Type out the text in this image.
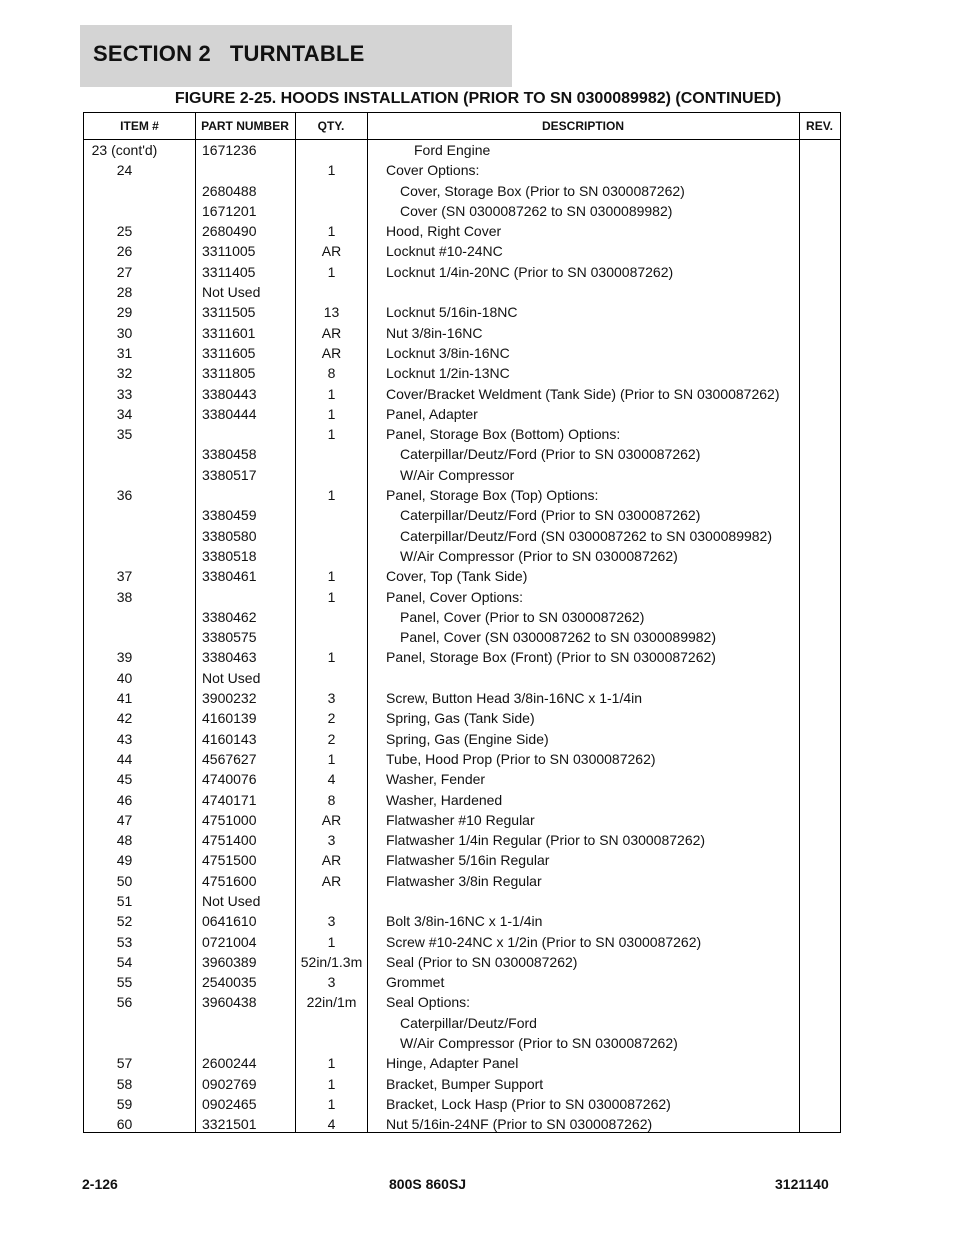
SECTION 2   TURNTABLE
FIGURE 2-25. HOODS INSTALLATION (PRIOR TO SN 0300089982) (CONTINUED)
ITEM #	PART NUMBER	QTY.	DESCRIPTION	REV.
23 (cont'd)	1671236	Ford Engine
24	1	Cover Options:
2680488	Cover, Storage Box (Prior to SN 0300087262)
1671201	Cover (SN 0300087262 to SN 0300089982)
25	2680490	1	Hood, Right Cover
26	3311005	AR	Locknut #10-24NC
27	3311405	1	Locknut 1/4in-20NC (Prior to SN 0300087262)
28	Not Used
29	3311505	13	Locknut 5/16in-18NC
30	3311601	AR	Nut 3/8in-16NC
31	3311605	AR	Locknut 3/8in-16NC
32	3311805	8	Locknut 1/2in-13NC
33	3380443	1	Cover/Bracket Weldment (Tank Side) (Prior to SN 0300087262)
34	3380444	1	Panel, Adapter
35	1	Panel, Storage Box (Bottom) Options:
3380458	Caterpillar/Deutz/Ford (Prior to SN 0300087262)
3380517	W/Air Compressor
36	1	Panel, Storage Box (Top) Options:
3380459	Caterpillar/Deutz/Ford (Prior to SN 0300087262)
3380580	Caterpillar/Deutz/Ford (SN 0300087262 to SN 0300089982)
3380518	W/Air Compressor (Prior to SN 0300087262)
37	3380461	1	Cover, Top (Tank Side)
38	1	Panel, Cover Options:
3380462	Panel, Cover (Prior to SN 0300087262)
3380575	Panel, Cover (SN 0300087262 to SN 0300089982)
39	3380463	1	Panel, Storage Box (Front) (Prior to SN 0300087262)
40	Not Used
41	3900232	3	Screw, Button Head 3/8in-16NC x 1-1/4in
42	4160139	2	Spring, Gas (Tank Side)
43	4160143	2	Spring, Gas (Engine Side)
44	4567627	1	Tube, Hood Prop (Prior to SN 0300087262)
45	4740076	4	Washer, Fender
46	4740171	8	Washer, Hardened
47	4751000	AR	Flatwasher #10 Regular
48	4751400	3	Flatwasher 1/4in Regular (Prior to SN 0300087262)
49	4751500	AR	Flatwasher 5/16in Regular
50	4751600	AR	Flatwasher 3/8in Regular
51	Not Used
52	0641610	3	Bolt 3/8in-16NC x 1-1/4in
53	0721004	1	Screw #10-24NC x 1/2in (Prior to SN 0300087262)
54	3960389	52in/1.3m	Seal (Prior to SN 0300087262)
55	2540035	3	Grommet
56	3960438	22in/1m	Seal Options:
Caterpillar/Deutz/Ford
W/Air Compressor (Prior to SN 0300087262)
57	2600244	1	Hinge, Adapter Panel
58	0902769	1	Bracket, Bumper Support
59	0902465	1	Bracket, Lock Hasp (Prior to SN 0300087262)
60	3321501	4	Nut 5/16in-24NF (Prior to SN 0300087262)
2-126	800S 860SJ	3121140
